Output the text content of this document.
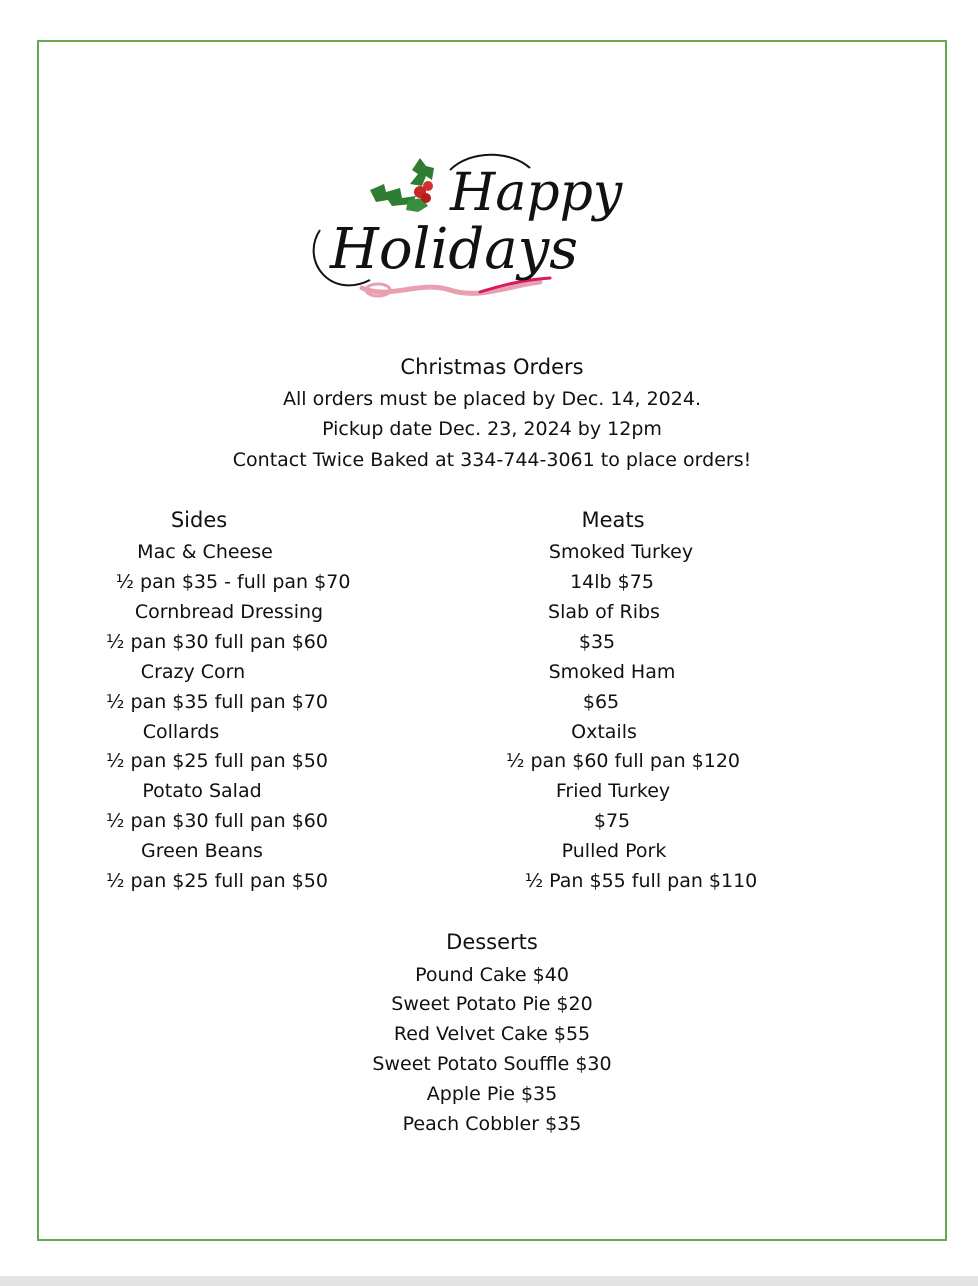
Happy
Holidays
Christmas Orders
All orders must be placed by Dec. 14, 2024.
Pickup date Dec. 23, 2024 by 12pm
Contact Twice Baked at 334-744-3061 to place orders!
Sides
Mac & Cheese
½ pan $35 - full pan $70
Cornbread Dressing
½ pan $30 full pan $60
Crazy Corn
½ pan $35 full pan $70
Collards
½ pan $25 full pan $50
Potato Salad
½ pan $30 full pan $60
Green Beans
½ pan $25 full pan $50
Meats
Smoked Turkey
14lb $75
Slab of Ribs
$35
Smoked Ham
$65
Oxtails
½ pan $60 full pan $120
Fried Turkey
$75
Pulled Pork
½ Pan $55 full pan $110
Desserts
Pound Cake $40
Sweet Potato Pie $20
Red Velvet Cake $55
Sweet Potato Souffle $30
Apple Pie $35
Peach Cobbler $35
